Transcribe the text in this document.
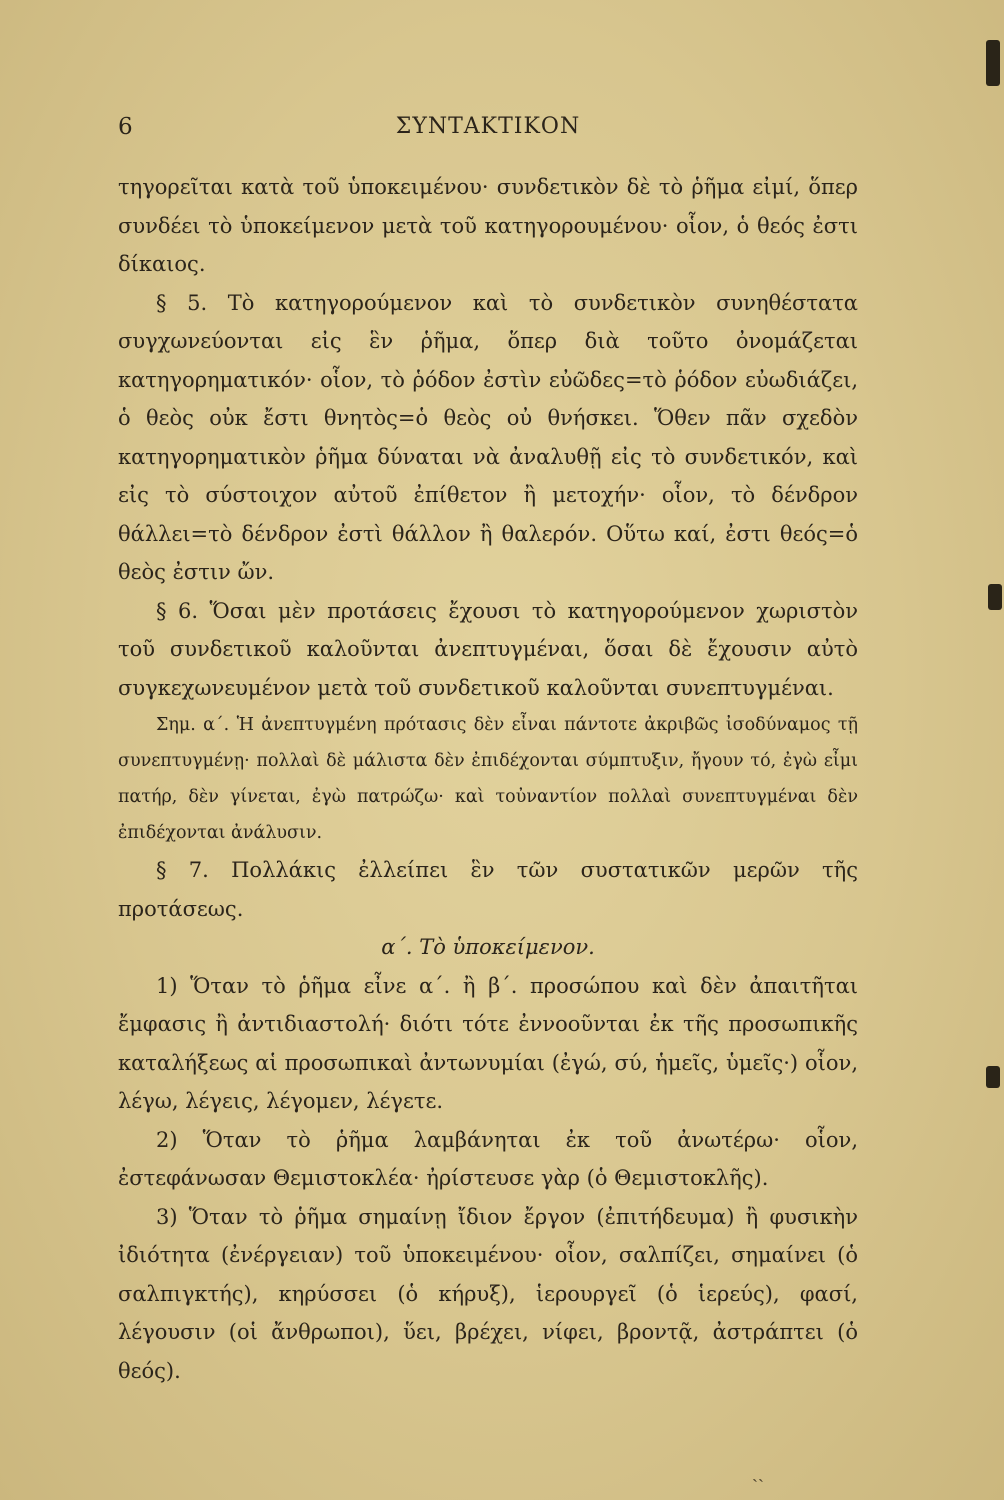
6	ΣΥΝΤΑΚΤΙΚΟΝ

τηγορεῖται κατὰ τοῦ ὑποκειμένου· συνδετικὸν δὲ τὸ ῥῆμα εἰμί, ὅπερ συνδέει τὸ ὑποκείμενον μετὰ τοῦ κατηγορουμένου· οἷον, ὁ θεός ἐστι δίκαιος.

§ 5. Τὸ κατηγορούμενον καὶ τὸ συνδετικὸν συνηθέστατα συγχωνεύονται εἰς ἓν ῥῆμα, ὅπερ διὰ τοῦτο ὀνομάζεται κατηγορηματικόν· οἷον, τὸ ῥόδον ἐστὶν εὐῶδες=τὸ ῥόδον εὐωδιάζει, ὁ θεὸς οὐκ ἔστι θνητὸς=ὁ θεὸς οὐ θνήσκει. Ὅθεν πᾶν σχεδὸν κατηγορηματικὸν ῥῆμα δύναται νὰ ἀναλυθῇ εἰς τὸ συνδετικόν, καὶ εἰς τὸ σύστοιχον αὐτοῦ ἐπίθετον ἢ μετοχήν· οἷον, τὸ δένδρον θάλλει=τὸ δένδρον ἐστὶ θάλλον ἢ θαλερόν. Οὕτω καί, ἐστι θεός=ὁ θεὸς ἐστιν ὤν.

§ 6. Ὅσαι μὲν προτάσεις ἔχουσι τὸ κατηγορούμενον χωριστὸν τοῦ συνδετικοῦ καλοῦνται ἀνεπτυγμέναι, ὅσαι δὲ ἔχουσιν αὐτὸ συγκεχωνευμένον μετὰ τοῦ συνδετικοῦ καλοῦνται συνεπτυγμέναι.

Σημ. α΄. Ἡ ἀνεπτυγμένη πρότασις δὲν εἶναι πάντοτε ἀκριβῶς ἰσοδύναμος τῇ συνεπτυγμένῃ· πολλαὶ δὲ μάλιστα δὲν ἐπιδέχονται σύμπτυξιν, ἤγουν τό, ἐγὼ εἶμι πατήρ, δὲν γίνεται, ἐγὼ πατρώζω· καὶ τοὐναντίον πολλαὶ συνεπτυγμέναι δὲν ἐπιδέχονται ἀνάλυσιν.

§ 7. Πολλάκις ἐλλείπει ἓν τῶν συστατικῶν μερῶν τῆς προτάσεως.

α΄. Τὸ ὑποκείμενον.

1) Ὅταν τὸ ῥῆμα εἶνε α΄. ἢ β΄. προσώπου καὶ δὲν ἀπαιτῆται ἔμφασις ἢ ἀντιδιαστολή· διότι τότε ἐννοοῦνται ἐκ τῆς προσωπικῆς καταλήξεως αἱ προσωπικαὶ ἀντωνυμίαι (ἐγώ, σύ, ἡμεῖς, ὑμεῖς·) οἷον, λέγω, λέγεις, λέγομεν, λέγετε.

2) Ὅταν τὸ ῥῆμα λαμβάνηται ἐκ τοῦ ἀνωτέρω· οἷον, ἐστεφάνωσαν Θεμιστοκλέα· ἠρίστευσε γὰρ (ὁ Θεμιστοκλῆς).

3) Ὅταν τὸ ῥῆμα σημαίνῃ ἴδιον ἔργον (ἐπιτήδευμα) ἢ φυσικὴν ἰδιότητα (ἐνέργειαν) τοῦ ὑποκειμένου· οἷον, σαλπίζει, σημαίνει (ὁ σαλπιγκτής), κηρύσσει (ὁ κήρυξ), ἱερουργεῖ (ὁ ἱερεύς), φασί, λέγουσιν (οἱ ἄνθρωποι), ὕει, βρέχει, νίφει, βροντᾷ, ἀστράπτει (ὁ θεός).

ˏˏ
